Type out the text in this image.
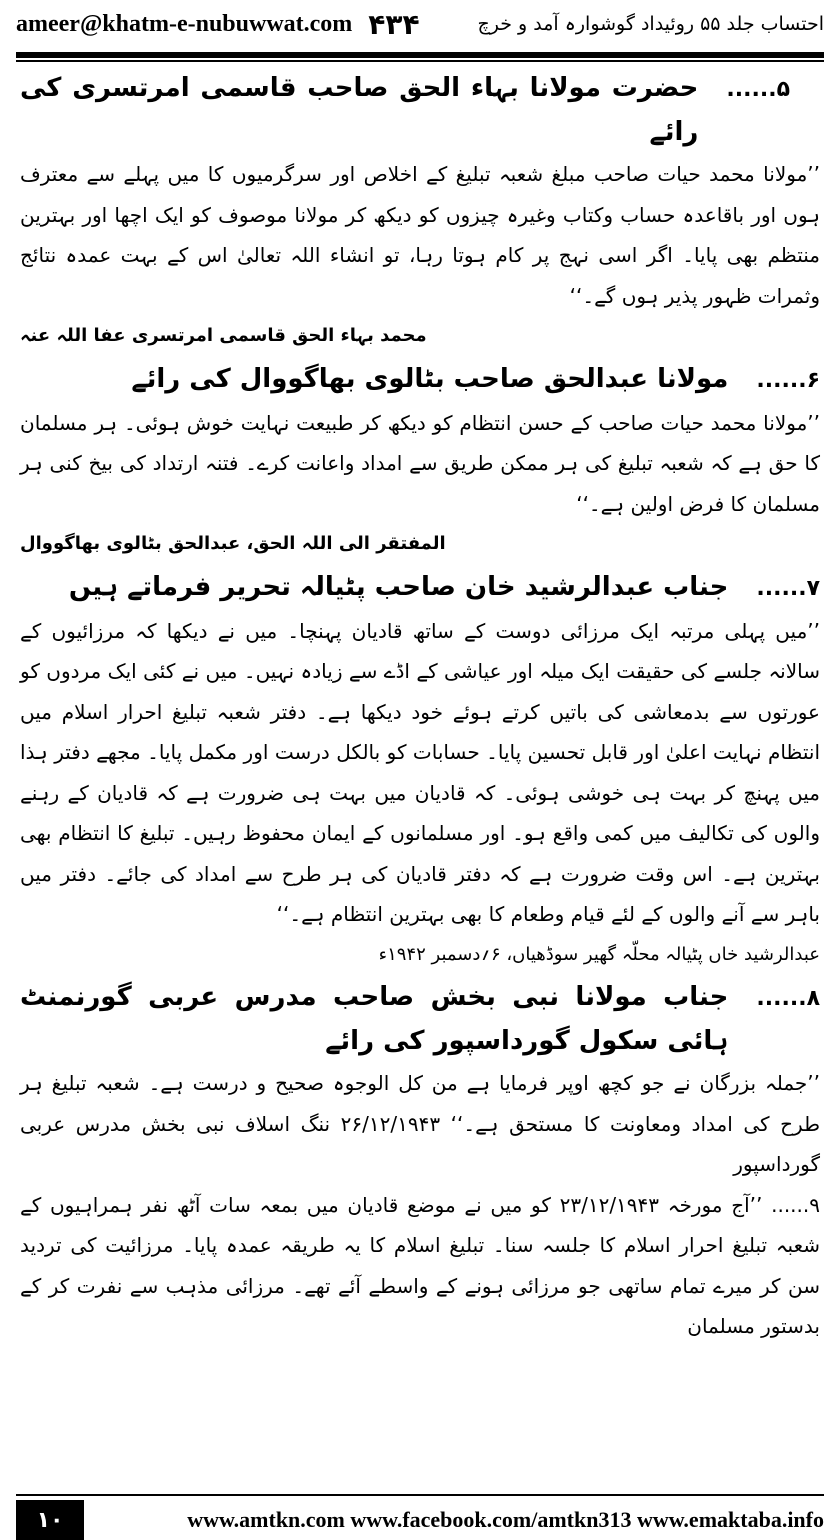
ameer@khatm-e-nubuwwat.com ۴۳۴	احتساب جلد ۵۵ روئیداد گوشوارہ آمد و خرچ
۵......
حضرت مولانا بہاء الحق صاحب قاسمی امرتسری کی رائے

’’مولانا محمد حیات صاحب مبلغ شعبہ تبلیغ کے اخلاص اور سرگرمیوں کا میں پہلے سے معترف ہوں اور باقاعدہ حساب وکتاب وغیرہ چیزوں کو دیکھ کر مولانا موصوف کو ایک اچھا اور بہترین منتظم بھی پایا۔ اگر اسی نہج پر کام ہوتا رہا، تو انشاء اللہ تعالیٰ اس کے بہت عمدہ نتائج وثمرات ظہور پذیر ہوں گے۔‘‘

محمد بہاء الحق قاسمی امرتسری عفا اللہ عنہ
۶......
مولانا عبدالحق صاحب بٹالوی بھاگووال کی رائے

’’مولانا محمد حیات صاحب کے حسن انتظام کو دیکھ کر طبیعت نہایت خوش ہوئی۔ ہر مسلمان کا حق ہے کہ شعبہ تبلیغ کی ہر ممکن طریق سے امداد واعانت کرے۔ فتنہ ارتداد کی بیخ کنی ہر مسلمان کا فرض اولین ہے۔‘‘

المفتقر الی اللہ الحق، عبدالحق بٹالوی بھاگووال
۷......
جناب عبدالرشید خان صاحب پٹیالہ تحریر فرماتے ہیں

’’میں پہلی مرتبہ ایک مرزائی دوست کے ساتھ قادیان پہنچا۔ میں نے دیکھا کہ مرزائیوں کے سالانہ جلسے کی حقیقت ایک میلہ اور عیاشی کے اڈے سے زیادہ نہیں۔ میں نے کئی ایک مردوں کو عورتوں سے بدمعاشی کی باتیں کرتے ہوئے خود دیکھا ہے۔ دفتر شعبہ تبلیغ احرار اسلام میں انتظام نہایت اعلیٰ اور قابل تحسین پایا۔ حسابات کو بالکل درست اور مکمل پایا۔ مجھے دفتر ہذا میں پہنچ کر بہت ہی خوشی ہوئی۔ کہ قادیان میں بہت ہی ضرورت ہے کہ قادیان کے رہنے والوں کی تکالیف میں کمی واقع ہو۔ اور مسلمانوں کے ایمان محفوظ رہیں۔ تبلیغ کا انتظام بھی بہترین ہے۔ اس وقت ضرورت ہے کہ دفتر قادیان کی ہر طرح سے امداد کی جائے۔ دفتر میں باہر سے آنے والوں کے لئے قیام وطعام کا بھی بہترین انتظام ہے۔‘‘

عبدالرشید خاں پٹیالہ محلّہ گھیر سوڈھیاں، ۶؍دسمبر ۱۹۴۲ء

۸......
جناب مولانا نبی بخش صاحب مدرس عربی گورنمنٹ ہائی سکول گورداسپور کی رائے

’’جملہ بزرگان نے جو کچھ اوپر فرمایا ہے من کل الوجوہ صحیح و درست ہے۔ شعبہ تبلیغ ہر طرح کی امداد ومعاونت کا مستحق ہے۔‘‘ ۲۶/۱۲/۱۹۴۳ ننگ اسلاف نبی بخش مدرس عربی گورداسپور

۹...... ’’آج مورخہ ۲۳/۱۲/۱۹۴۳ کو میں نے موضع قادیان میں بمعہ سات آٹھ نفر ہمراہیوں کے شعبہ تبلیغ احرار اسلام کا جلسہ سنا۔ تبلیغ اسلام کا یہ طریقہ عمدہ پایا۔ مرزائیت کی تردید سن کر میرے تمام ساتھی جو مرزائی ہونے کے واسطے آئے تھے۔ مرزائی مذہب سے نفرت کر کے بدستور مسلمان

۱۰	www.amtkn.com www.facebook.com/amtkn313 www.emaktaba.info
